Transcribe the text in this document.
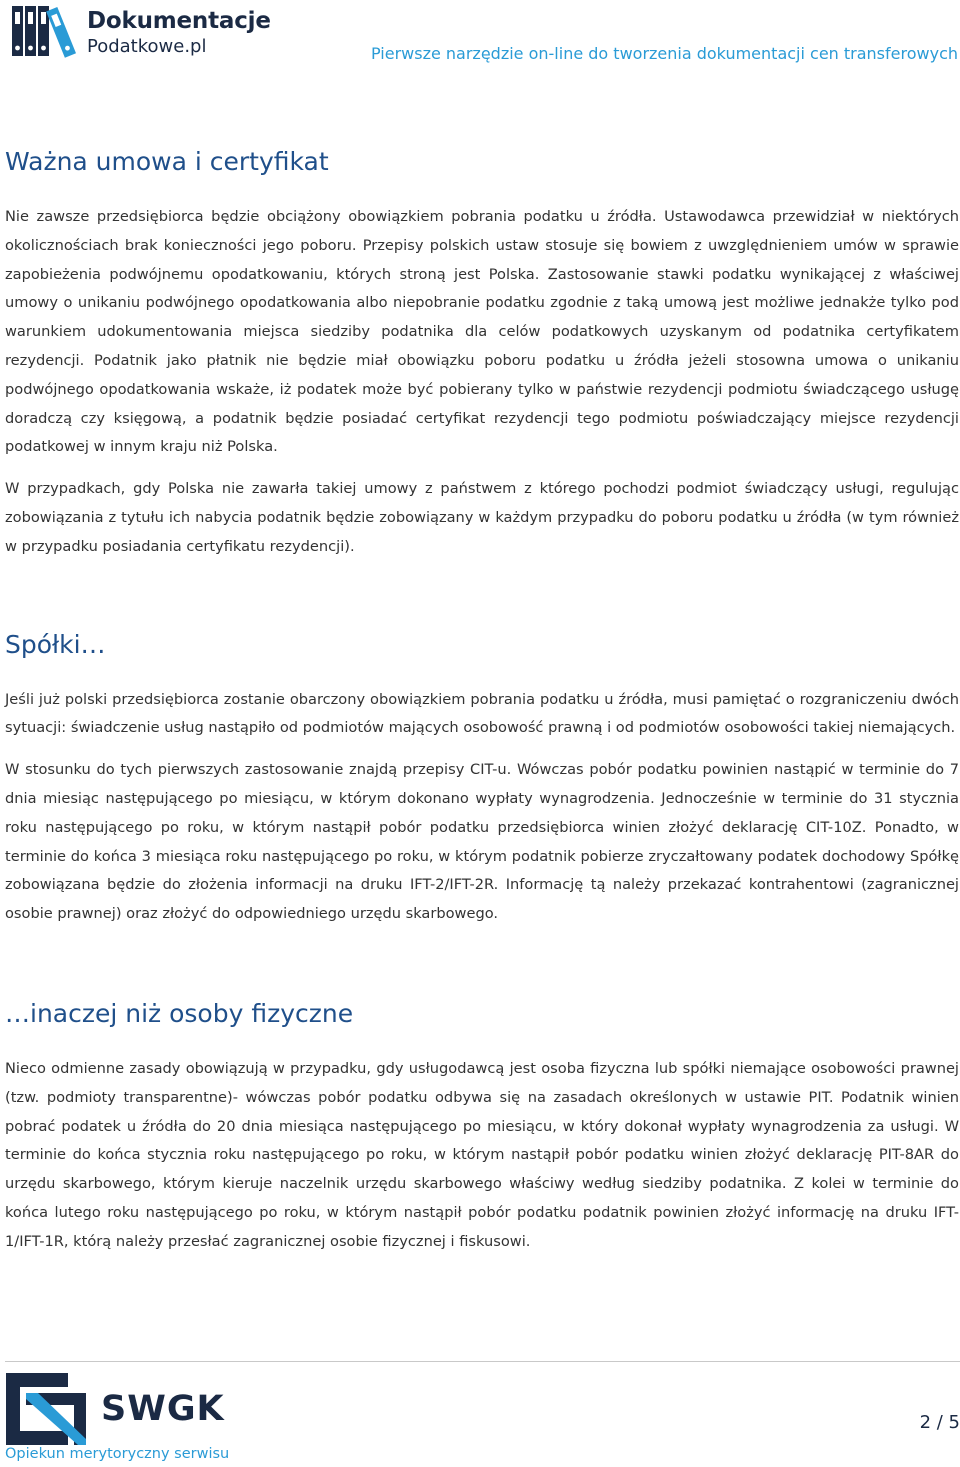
Dokumentacje
Podatkowe.pl	Pierwsze narzędzie on-line do tworzenia dokumentacji cen transferowych
Ważna umowa i certyfikat

Nie zawsze przedsiębiorca będzie obciążony obowiązkiem pobrania podatku u źródła. Ustawodawca przewidział w niektórych okolicznościach brak konieczności jego poboru. Przepisy polskich ustaw stosuje się bowiem z uwzględnieniem umów w sprawie zapobieżenia podwójnemu opodatkowaniu, których stroną jest Polska. Zastosowanie stawki podatku wynikającej z właściwej umowy o unikaniu podwójnego opodatkowania albo niepobranie podatku zgodnie z taką umową jest możliwe jednakże tylko pod warunkiem udokumentowania miejsca siedziby podatnika dla celów podatkowych uzyskanym od podatnika certyfikatem rezydencji. Podatnik jako płatnik nie będzie miał obowiązku poboru podatku u źródła jeżeli stosowna umowa o unikaniu podwójnego opodatkowania wskaże, iż podatek może być pobierany tylko w państwie rezydencji podmiotu świadczącego usługę doradczą czy księgową, a podatnik będzie posiadać certyfikat rezydencji tego podmiotu poświadczający miejsce rezydencji podatkowej w innym kraju niż Polska.

W przypadkach, gdy Polska nie zawarła takiej umowy z państwem z którego pochodzi podmiot świadczący usługi, regulując zobowiązania z tytułu ich nabycia podatnik będzie zobowiązany w każdym przypadku do poboru podatku u źródła (w tym również w przypadku posiadania certyfikatu rezydencji).

Spółki…

Jeśli już polski przedsiębiorca zostanie obarczony obowiązkiem pobrania podatku u źródła, musi pamiętać o rozgraniczeniu dwóch sytuacji: świadczenie usług nastąpiło od podmiotów mających osobowość prawną i od podmiotów osobowości takiej niemających.

W stosunku do tych pierwszych zastosowanie znajdą przepisy CIT-u. Wówczas pobór podatku powinien nastąpić w terminie do 7 dnia miesiąc następującego po miesiącu, w którym dokonano wypłaty wynagrodzenia. Jednocześnie w terminie do 31 stycznia roku następującego po roku, w którym nastąpił pobór podatku przedsiębiorca winien złożyć deklarację CIT-10Z. Ponadto, w terminie do końca 3 miesiąca roku następującego po roku, w którym podatnik pobierze zryczałtowany podatek dochodowy Spółkę zobowiązana będzie do złożenia informacji na druku IFT-2/IFT-2R. Informację tą należy przekazać kontrahentowi (zagranicznej osobie prawnej) oraz złożyć do odpowiedniego urzędu skarbowego.

…inaczej niż osoby fizyczne

Nieco odmienne zasady obowiązują w przypadku, gdy usługodawcą jest osoba fizyczna lub spółki niemające osobowości prawnej (tzw. podmioty transparentne)- wówczas pobór podatku odbywa się na zasadach określonych w ustawie PIT. Podatnik winien pobrać podatek u źródła do 20 dnia miesiąca następującego po miesiącu, w który dokonał wypłaty wynagrodzenia za usługi. W terminie do końca stycznia roku następującego po roku, w którym nastąpił pobór podatku winien złożyć deklarację PIT-8AR do urzędu skarbowego, którym kieruje naczelnik urzędu skarbowego właściwy według siedziby podatnika. Z kolei w terminie do końca lutego roku następującego po roku, w którym nastąpił pobór podatku podatnik powinien złożyć informację na druku IFT-1/IFT-1R, którą należy przesłać zagranicznej osobie fizycznej i fiskusowi.

SWGK
Opiekun merytoryczny serwisu
2 / 5
